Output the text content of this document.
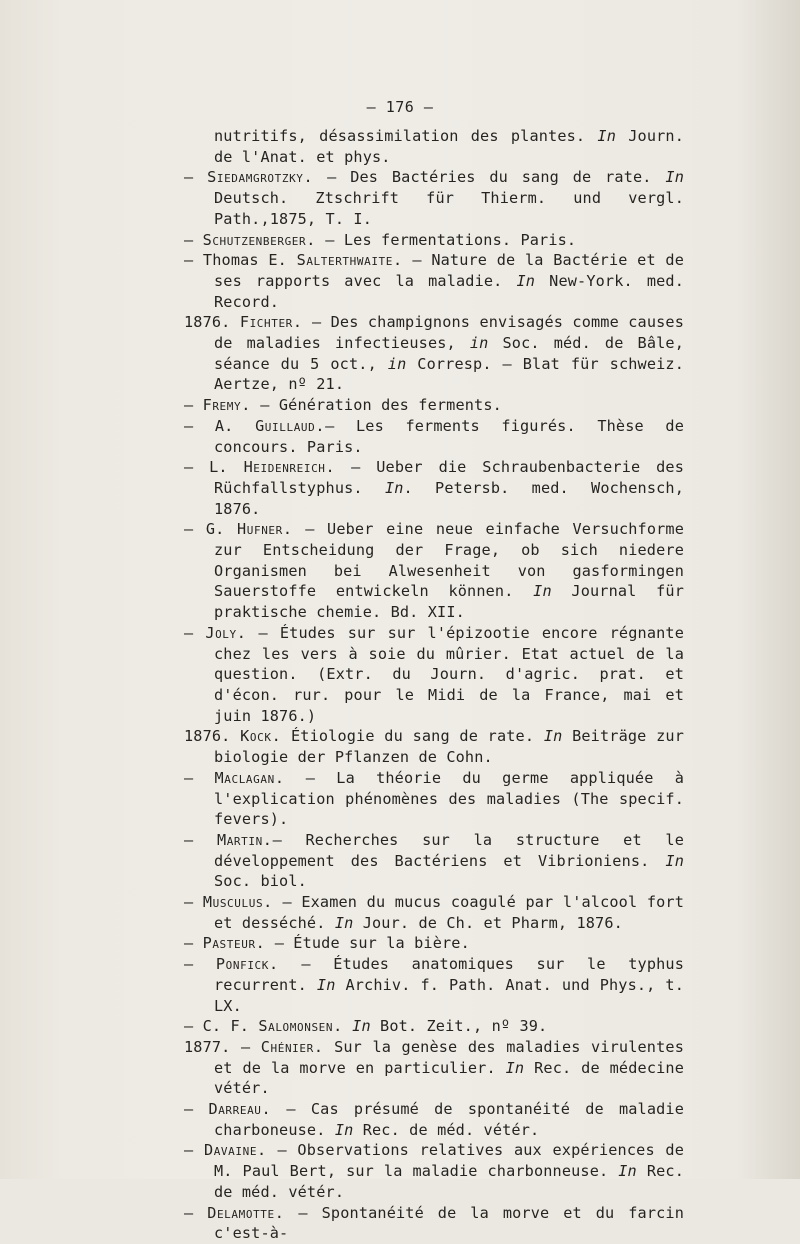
— 176 —
nutritifs, désassimilation des plantes. In Journ. de l'Anat. et phys.
— Siedamgrotzky. — Des Bactéries du sang de rate. In Deutsch. Ztschrift für Thierm. und vergl. Path.,1875, T. I.
— Schutzenberger. — Les fermentations. Paris.
— Thomas E. Salterthwaite. — Nature de la Bactérie et de ses rapports avec la maladie. In New-York. med. Record.
1876. Fichter. — Des champignons envisagés comme causes de maladies infectieuses, in Soc. méd. de Bâle, séance du 5 oct., in Corresp. — Blat für schweiz. Aertze, nº 21.
— Fremy. — Génération des ferments.
— A. Guillaud.— Les ferments figurés. Thèse de concours. Paris.
— L. Heidenreich. — Ueber die Schraubenbacterie des Rüchfallstyphus. In. Petersb. med. Wochensch, 1876.
— G. Hufner. — Ueber eine neue einfache Versuchforme zur Entscheidung der Frage, ob sich niedere Organismen bei Alwesenheit von gasformingen Sauerstoffe entwickeln können. In Journal für praktische chemie. Bd. XII.
— Joly. — Études sur sur l'épizootie encore régnante chez les vers à soie du mûrier. Etat actuel de la question. (Extr. du Journ. d'agric. prat. et d'écon. rur. pour le Midi de la France, mai et juin 1876.)
1876. Kock. Étiologie du sang de rate. In Beiträge zur biologie der Pflanzen de Cohn.
— Maclagan. — La théorie du germe appliquée à l'explication phénomènes des maladies (The specif. fevers).
— Martin.— Recherches sur la structure et le développement des Bactériens et Vibrioniens. In Soc. biol.
— Musculus. — Examen du mucus coagulé par l'alcool fort et desséché. In Jour. de Ch. et Pharm, 1876.
— Pasteur. — Étude sur la bière.
— Ponfick. — Études anatomiques sur le typhus recurrent. In Archiv. f. Path. Anat. und Phys., t. LX.
— C. F. Salomonsen. In Bot. Zeit., nº 39.
1877. — Chénier. Sur la genèse des maladies virulentes et de la morve en particulier. In Rec. de médecine vétér.
— Darreau. — Cas présumé de spontanéité de maladie charboneuse. In Rec. de méd. vétér.
— Davaine. — Observations relatives aux expériences de M. Paul Bert, sur la maladie charbonneuse. In Rec. de méd. vétér.
— Delamotte. — Spontanéité de la morve et du farcin c'est-à-
